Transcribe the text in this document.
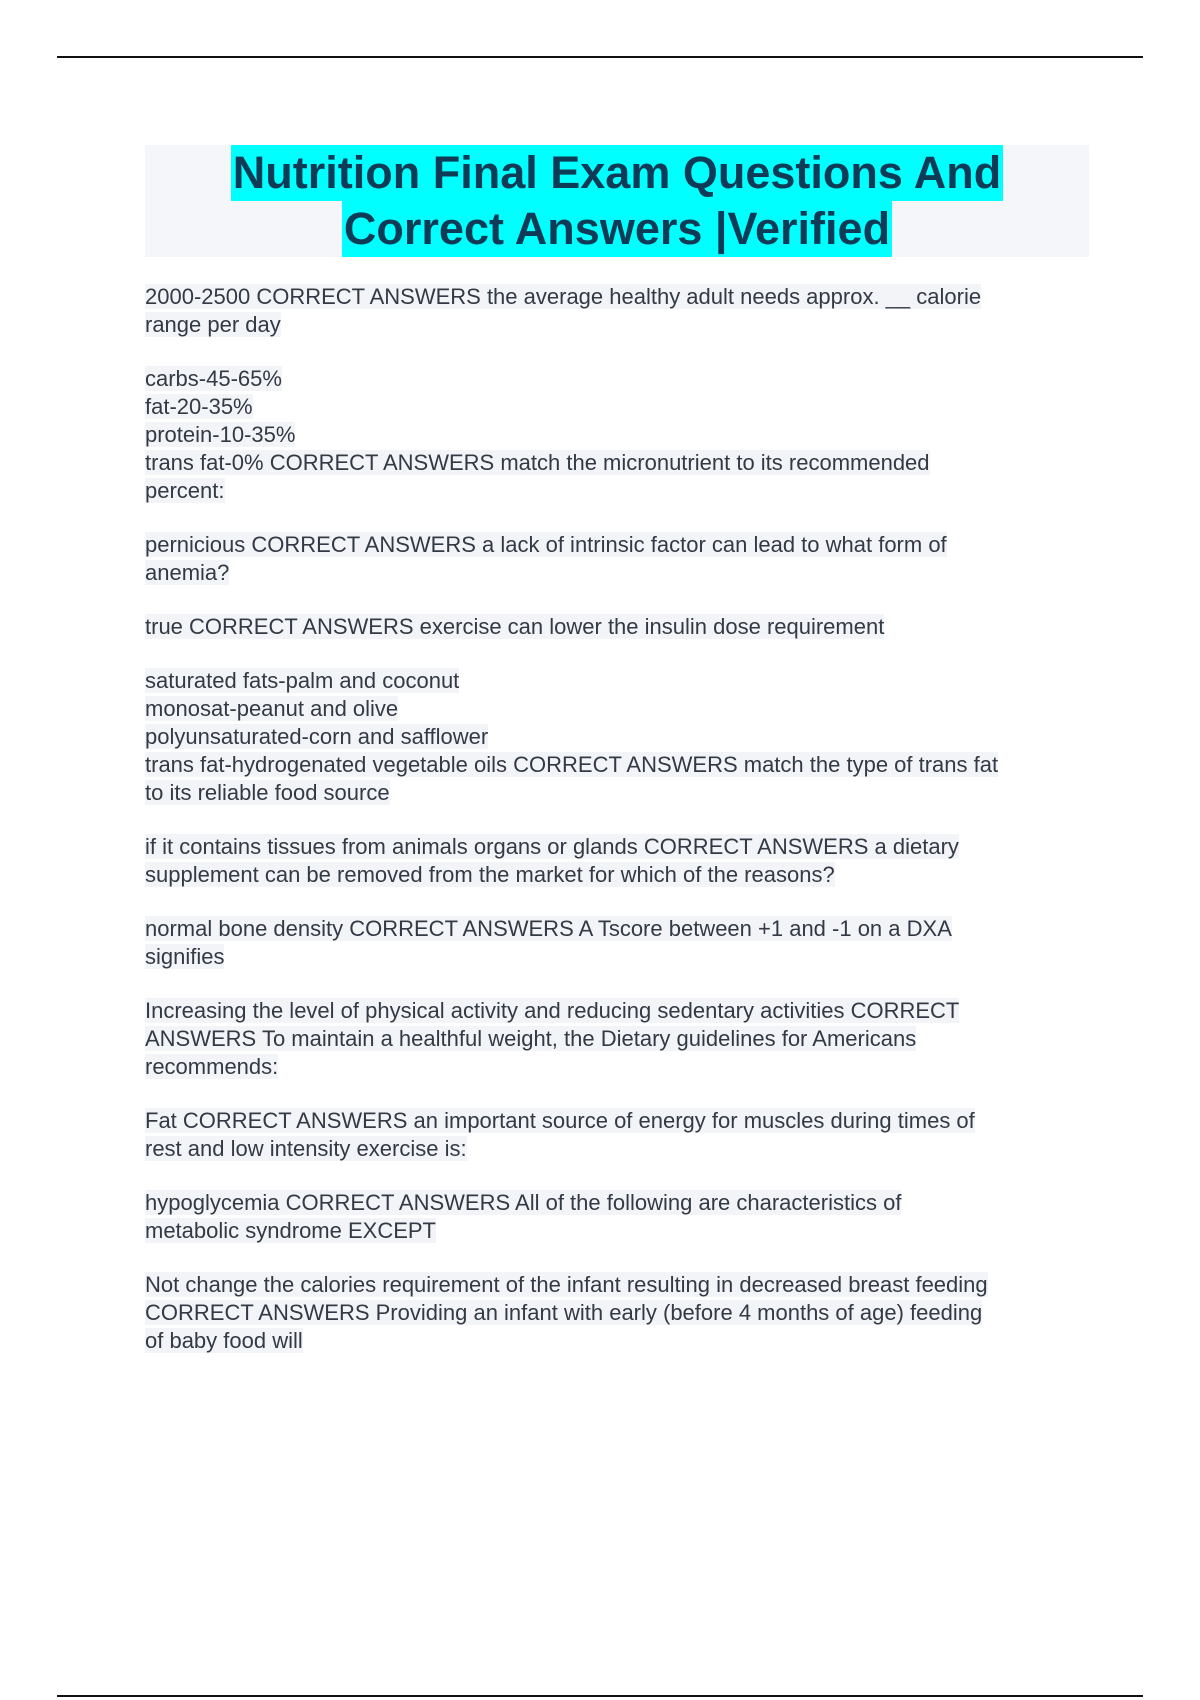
Nutrition Final Exam Questions And
Correct Answers |Verified
2000-2500 CORRECT ANSWERS the average healthy adult needs approx. __ calorie
range per day
carbs-45-65%
fat-20-35%
protein-10-35%
trans fat-0% CORRECT ANSWERS match the micronutrient to its recommended
percent:
pernicious CORRECT ANSWERS a lack of intrinsic factor can lead to what form of
anemia?
true CORRECT ANSWERS exercise can lower the insulin dose requirement
saturated fats-palm and coconut
monosat-peanut and olive
polyunsaturated-corn and safflower
trans fat-hydrogenated vegetable oils CORRECT ANSWERS match the type of trans fat
to its reliable food source
if it contains tissues from animals organs or glands CORRECT ANSWERS a dietary
supplement can be removed from the market for which of the reasons?
normal bone density CORRECT ANSWERS A Tscore between +1 and -1 on a DXA
signifies
Increasing the level of physical activity and reducing sedentary activities CORRECT
ANSWERS To maintain a healthful weight, the Dietary guidelines for Americans
recommends:
Fat CORRECT ANSWERS an important source of energy for muscles during times of
rest and low intensity exercise is:
hypoglycemia CORRECT ANSWERS All of the following are characteristics of
metabolic syndrome EXCEPT
Not change the calories requirement of the infant resulting in decreased breast feeding
CORRECT ANSWERS Providing an infant with early (before 4 months of age) feeding
of baby food will
